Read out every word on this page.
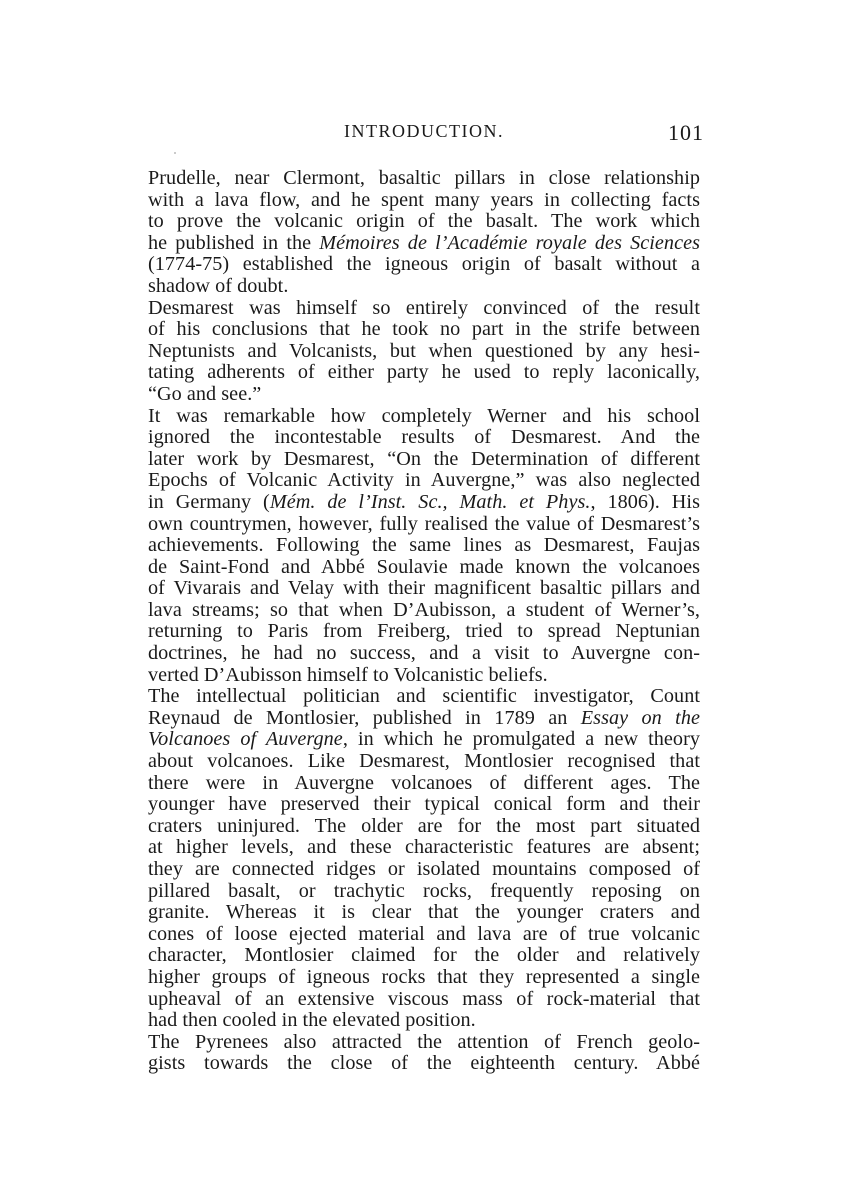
INTRODUCTION.	101
Prudelle, near Clermont, basaltic pillars in close relationship
with a lava flow, and he spent many years in collecting facts
to prove the volcanic origin of the basalt. The work which
he published in the Mémoires de l’Académie royale des Sciences
(1774-75) established the igneous origin of basalt without a
shadow of doubt.
Desmarest was himself so entirely convinced of the result
of his conclusions that he took no part in the strife between
Neptunists and Volcanists, but when questioned by any hesi-
tating adherents of either party he used to reply laconically,
“Go and see.”
It was remarkable how completely Werner and his school
ignored the incontestable results of Desmarest. And the
later work by Desmarest, “On the Determination of different
Epochs of Volcanic Activity in Auvergne,” was also neglected
in Germany (Mém. de l’Inst. Sc., Math. et Phys., 1806). His
own countrymen, however, fully realised the value of Desmarest’s
achievements. Following the same lines as Desmarest, Faujas
de Saint-Fond and Abbé Soulavie made known the volcanoes
of Vivarais and Velay with their magnificent basaltic pillars and
lava streams; so that when D’Aubisson, a student of Werner’s,
returning to Paris from Freiberg, tried to spread Neptunian
doctrines, he had no success, and a visit to Auvergne con-
verted D’Aubisson himself to Volcanistic beliefs.
The intellectual politician and scientific investigator, Count
Reynaud de Montlosier, published in 1789 an Essay on the
Volcanoes of Auvergne, in which he promulgated a new theory
about volcanoes. Like Desmarest, Montlosier recognised that
there were in Auvergne volcanoes of different ages. The
younger have preserved their typical conical form and their
craters uninjured. The older are for the most part situated
at higher levels, and these characteristic features are absent;
they are connected ridges or isolated mountains composed of
pillared basalt, or trachytic rocks, frequently reposing on
granite. Whereas it is clear that the younger craters and
cones of loose ejected material and lava are of true volcanic
character, Montlosier claimed for the older and relatively
higher groups of igneous rocks that they represented a single
upheaval of an extensive viscous mass of rock-material that
had then cooled in the elevated position.
The Pyrenees also attracted the attention of French geolo-
gists towards the close of the eighteenth century. Abbé
